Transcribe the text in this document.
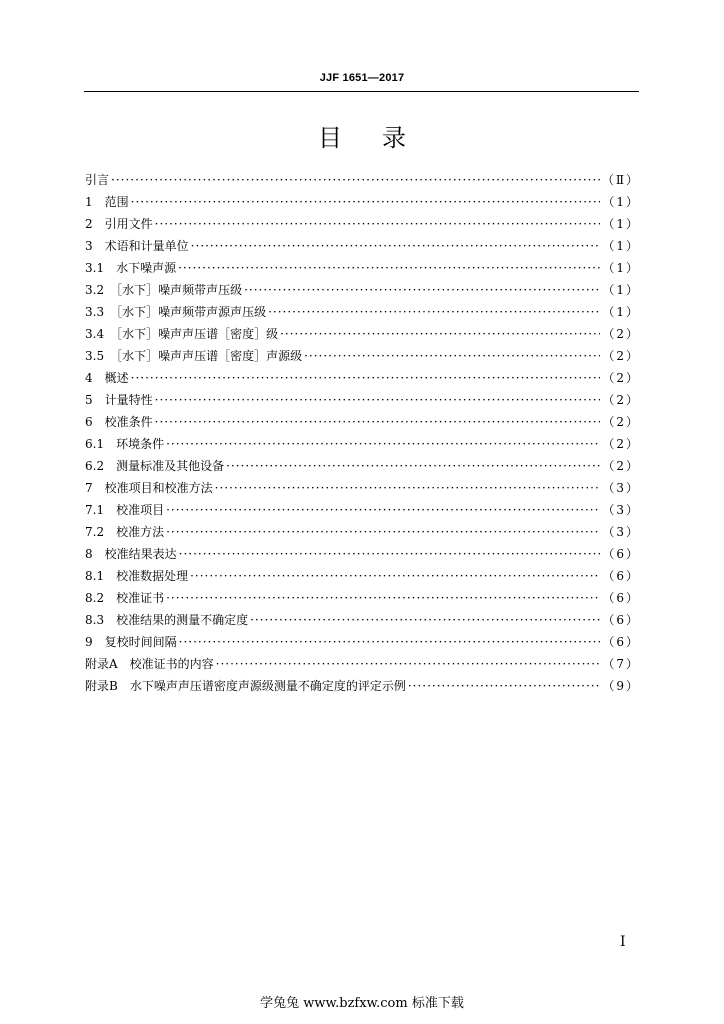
JJF 1651—2017
目录
引言 ·····	（Ⅱ）
1　范围 ·····	（1）
2　引用文件 ·····	（1）
3　术语和计量单位 ·····	（1）
3.1　水下噪声源 ·····	（1）
3.2　［水下］噪声频带声压级 ·····	（1）
3.3　［水下］噪声频带声源声压级 ·····	（1）
3.4　［水下］噪声声压谱［密度］级 ·····	（2）
3.5　［水下］噪声声压谱［密度］声源级 ·····	（2）
4　概述 ·····	（2）
5　计量特性 ·····	（2）
6　校准条件 ·····	（2）
6.1　环境条件 ·····	（2）
6.2　测量标准及其他设备 ·····	（2）
7　校准项目和校准方法 ·····	（3）
7.1　校准项目 ·····	（3）
7.2　校准方法 ·····	（3）
8　校准结果表达 ·····	（6）
8.1　校准数据处理 ·····	（6）
8.2　校准证书 ·····	（6）
8.3　校准结果的测量不确定度 ·····	（6）
9　复校时间间隔 ·····	（6）
附录A　校准证书的内容 ·····	（7）
附录B　水下噪声声压谱密度声源级测量不确定度的评定示例 ·····	（9）
I
学兔兔 www.bzfxw.com 标准下载
